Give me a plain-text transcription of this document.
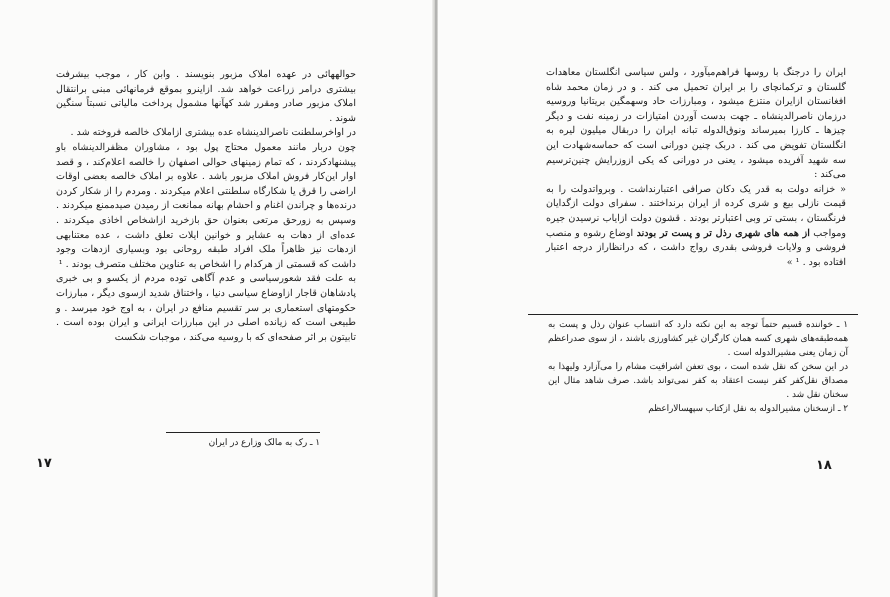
حوالههائی در عهده املاک مزبور بنویسند . وابن کار ، موجب بیشرفت بیشتری درامر زراعت خواهد شد. ازاینرو بموقع فرمانهائی مبنی برانتقال املاک مزبور صادر ومقرر شد کهآنها مشمول پرداخت مالیاتی نسبتاً سنگین شوند .

در اواخرسلطنت ناصرالدینشاه عده بیشتری ازاملاک خالصه فروخته شد .

چون دربار مانند معمول محتاج پول بود ، مشاوران مظفرالدینشاه باو پیشنهادکردند ، که تمام زمینهای حوالی اصفهان را خالصه اعلام‌کند ، و قصد اوار این‌کار فروش املاک مزبور باشد . علاوه بر املاک خالصه بعضی اوقات اراضی را قرق یا شکارگاه سلطنتی اعلام میکردند . ومردم را از شکار کردن درنده‌ها و چراندن اغنام و احشام بهانه ممانعت از رمیدن صیدممنع میکردند . وسپس به زورحق مرتعی بعنوان حق بازخرید ازاشخاص اخاذی میکردند . عده‌ای از دهات به عشایر و خوانین ایلات تعلق داشت ، عده معتنابهی ازدهات نیز ظاهراً ملک افراد طبقه روحانی بود وبسیاری ازدهات وجود داشت که قسمتی از هرکدام را اشخاص به عناوین مختلف متصرف بودند . ¹

به علت فقد شعورسیاسی و عدم آگاهی توده مردم از یکسو و بی خبری پادشاهان قاجار ازاوضاع سیاسی دنیا ، واختناق شدید ازسوی دیگر ، مبارزات حکومتهای استعماری بر سر تقسیم منافع در ایران ، به اوج خود میرسد . و طبیعی است که زیانده اصلی در این مبارزات ایرانی و ایران بوده است . تابیتون بر اثر صفحه‌ای که با روسیه می‌کند ، موجبات شکست

۱ ـ رک به مالک وزارع در ایران

۱۷

ایران را درجنگ با روسها فراهم‌میآورد ، ولس سیاسی انگلستان معاهدات گلستان و ترکمانچای را بر ایران تحمیل می کند . و در زمان محمد شاه افغانستان ازایران منتزع میشود ، ومبارزات حاد وسهمگین بریتانیا وروسیه درزمان ناصرالدینشاه ـ جهت بدست آوردن امتیازات در زمینه نفت و دیگر چیزها ـ کارزا بمیرساند ونوق‌الدوله تبانه ایران را دربقال میلیون لیره به انگلستان تفویض می کند . دربک چنین دورانی‌ است که حماسه‌شهادت این سه شهید آفریده میشود ، یعنی در دورانی که یکی ازوزرایش چنین‌ترسیم می‌کند :

« خزانه دولت به قدر یک دکان صرافی اعتبارنداشت . وبرواتدولت را به قیمت نازلی بیع و شری کرده از ایران برنداختند . سفرای دولت ازگدایان فرنگستان ، بستی تر وبی اعتبارتر بودند . قشون دولت ازایاب نرسیدن جیره ومواجب از همه های شهری رذل تر و پست تر بودند اوضاع رشوه و منصب فروشی و ولایات فروشی بقدری رواج داشت ، که درانظاراز درجه اعتبار افتاده بود . ¹ »

۱ ـ خواننده قسیم حتماً توجه به این نکته دارد که انتساب عنوان رذل و پست به همه‌طبقه‌های شهری کسه همان کارگران غیر کشاورزی باشند ، از سوی صدراعظم آن زمان یعنی مشیرالدوله است .

در این سخن که نقل شده است ، بوی تعفن اشرافیت مشام را می‌آزارد ولیهذا به مصداق نقل‌کفر کفر نیست اعتقاد به کفر نمی‌تواند باشد. صرف شاهد مثال این سخنان نقل شد .

۲ ـ ازسخنان مشیرالدوله به نقل ازکتاب سپهسالاراعظم

۱۸
